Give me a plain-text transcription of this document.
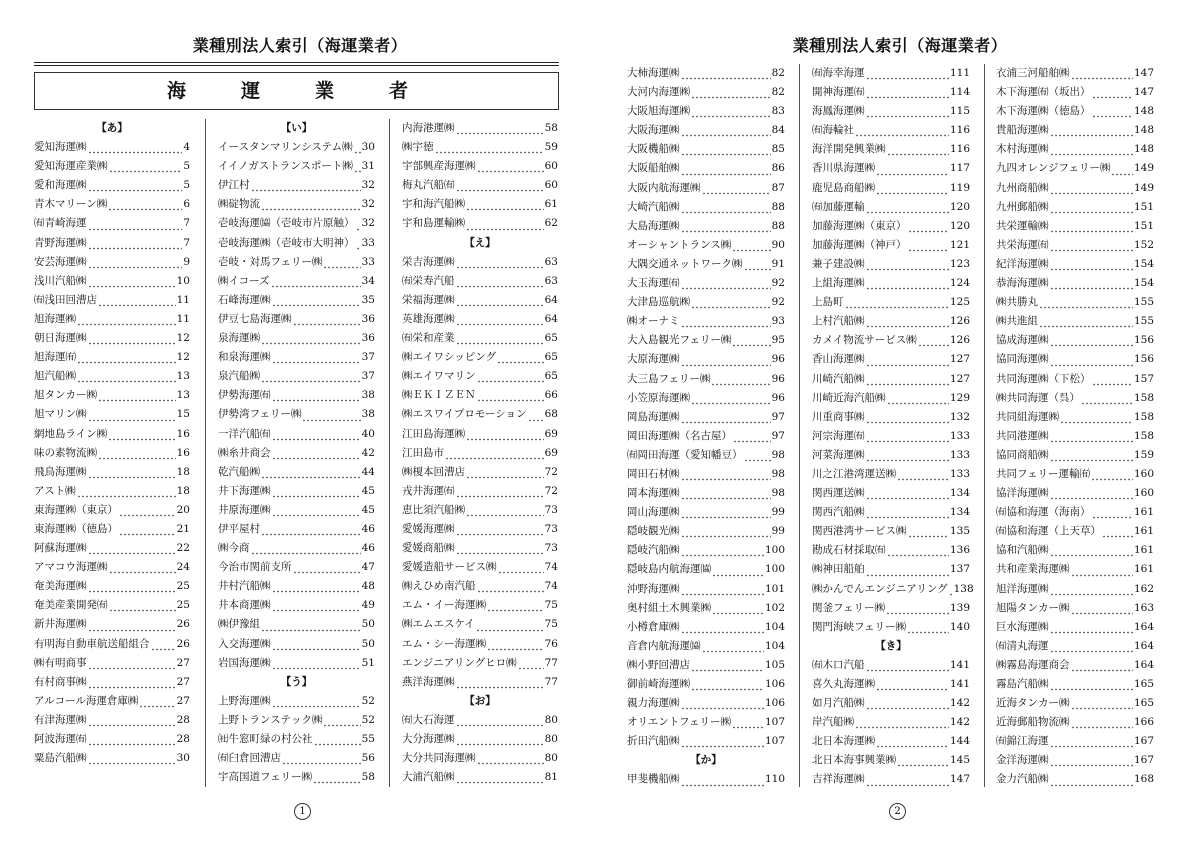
業種別法人索引（海運業者）
海　運　業　者
【あ】
愛知海運㈱	4
愛知海運産業㈱	5
愛和海運㈱	5
青木マリーン㈱	6
㈲青崎海運	7
青野海運㈱	7
安芸海運㈱	9
浅川汽船㈱	10
㈲浅田回漕店	11
旭海運㈱	11
朝日海運㈱	12
旭海運㈲	12
旭汽船㈱	13
旭タンカー㈱	13
旭マリン㈱	15
網地島ライン㈱	16
味の素物流㈱	16
飛鳥海運㈱	18
アスト㈱	18
東海運㈱（東京）	20
東海運㈱（徳島）	21
阿蘇海運㈱	22
アマコウ海運㈱	24
奄美海運㈱	25
奄美産業開発㈲	25
新井海運㈱	26
有明海自動車航送船組合	26
㈱有明商事	27
有村商事㈱	27
アルコール海運倉庫㈱	27
有津海運㈱	28
阿波海運㈲	28
粟島汽船㈱	30
【い】
イースタンマリンシステム㈱ 30
イイノガストランスポート㈱ 31
伊江村	32
㈱碇物流	32
壱岐海運㈿（壱岐市片原触） 32
壱岐海運㈱（壱岐市大明神） 33
壱岐・対馬フェリー㈱	33
㈱イコーズ	34
石峰海運㈱	35
伊豆七島海運㈱	36
泉海運㈱	36
和泉海運㈱	37
泉汽船㈱	37
伊勢海運㈲	38
伊勢湾フェリー㈱	38
一洋汽船㈲	40
㈱糸井商会	42
乾汽船㈱	44
井下海運㈱	45
井原海運㈱	45
伊平屋村	46
㈱今商	46
今治市関前支所	47
井村汽船㈱	48
井本商運㈱	49
㈱伊豫組	50
入交海運㈱	50
岩国海運㈱	51
【う】
上野海運㈱	52
上野トランステック㈱	52
㈳牛窓町緑の村公社	55
㈲臼倉回漕店	56
宇高国道フェリー㈱	58
内海港運㈱	58
㈱宇徳	59
宇部興産海運㈱	60
梅丸汽船㈲	60
宇和海汽船㈱	61
宇和島運輸㈱	62
【え】
栄吉海運㈱	63
㈲栄寿汽船	63
栄福海運㈱	64
英雄海運㈱	64
㈲栄和産業	65
㈱エイワシッピング	65
㈱エイワマリン	65
㈱ＥＫＩＺＥＮ	66
㈱エスワイプロモーション 68
江田島海運㈱	69
江田島市	69
㈱榎本回漕店	72
戎井海運㈲	72
恵比須汽船㈱	73
愛媛海運㈱	73
愛媛商船㈱	73
愛媛造船サービス㈱	74
㈱えひめ南汽船	74
エム・イー海運㈱	75
㈱エムエスケイ	75
エム・シー海運㈱	76
エンジニアリングヒロ㈱	77
燕洋海運㈱	77
【お】
㈲大石海運	80
大分海運㈱	80
大分共同海運㈱	80
大浦汽船㈱	81
1
業種別法人索引（海運業者）
大柿海運㈱	82
大河内海運㈱	82
大阪旭海運㈱	83
大阪海運㈱	84
大阪機船㈱	85
大阪船舶㈱	86
大阪内航海運㈱	87
大崎汽船㈱	88
大島海運㈱	88
オーシャントランス㈱	90
大隅交通ネットワーク㈱	91
大玉海運㈲	92
大津島巡航㈱	92
㈱オーナミ	93
大入島観光フェリー㈱	95
大原海運㈱	96
大三島フェリー㈱	96
小笠原海運㈱	96
岡島海運㈱	97
岡田海運㈱（名古屋）	97
㈲岡田海運（愛知幡豆）	98
岡田石材㈱	98
岡本海運㈱	98
岡山海運㈱	99
隠岐観光㈱	99
隠岐汽船㈱	100
隠岐島内航海運㈿	100
沖野海運㈱	101
奥村組土木興業㈱	102
小樽倉庫㈱	104
音倉内航海運㈿	104
㈱小野回漕店	105
御前崎海運㈱	106
親力海運㈱	106
オリエントフェリー㈱	107
折田汽船㈱	107
【か】
甲斐機船㈱	110
㈲海幸海運	111
開神海運㈲	114
海鳳海運㈱	115
㈲海輪社	116
海洋開発興業㈱	116
香川県海運㈱	117
鹿児島商船㈱	119
㈲加藤運輸	120
加藤海運㈱（東京）	120
加藤海運㈱（神戸）	121
兼子建設㈱	123
上組海運㈱	124
上島町	125
上村汽船㈱	126
カメイ物流サービス㈱	126
香山海運㈱	127
川崎汽船㈱	127
川崎近海汽船㈱	129
川重商事㈱	132
河宗海運㈲	133
河菜海運㈱	133
川之江港湾運送㈱	133
関西運送㈱	134
関西汽船㈱	134
関西港湾サービス㈱	135
勘成石材採取㈲	136
㈱神田船舶	137
㈱かんでんエンジニアリング 138
関釜フェリー㈱	139
関門海峡フェリー㈱	140
【き】
㈲木口汽船	141
喜久丸海運㈱	141
如月汽船㈱	142
岸汽船㈱	142
北日本海運㈱	144
北日本海事興業㈱	145
吉祥海運㈱	147
衣浦三河船舶㈱	147
木下海運㈲（坂出）	147
木下海運㈱（徳島）	148
貴船海運㈱	148
木村海運㈱	148
九四オレンジフェリー㈱ 149
九州商船㈱	149
九州郵船㈱	151
共栄運輸㈱	151
共栄海運㈲	152
紀洋海運㈱	154
恭海海運㈱	154
㈱共勝丸	155
㈱共進組	155
協成海運㈱	156
協同海運㈱	156
共同海運㈱（下松）	157
㈱共同海運（呉）	158
共同組海運㈱	158
共同港運㈱	158
協同商船㈱	159
共同フェリー運輸㈲	160
協洋海運㈱	160
㈲協和海運（海南）	161
㈲協和海運（上天草）	161
協和汽船㈱	161
共和産業海運㈱	161
旭洋海運㈱	162
旭陽タンカー㈱	163
巨水海運㈱	164
㈲清丸海運	164
㈱霧島海運商会	164
霧島汽船㈱	165
近海タンカー㈱	165
近海郵船物流㈱	166
㈲錦江海運	167
金洋海運㈱	167
金力汽船㈱	168
2
